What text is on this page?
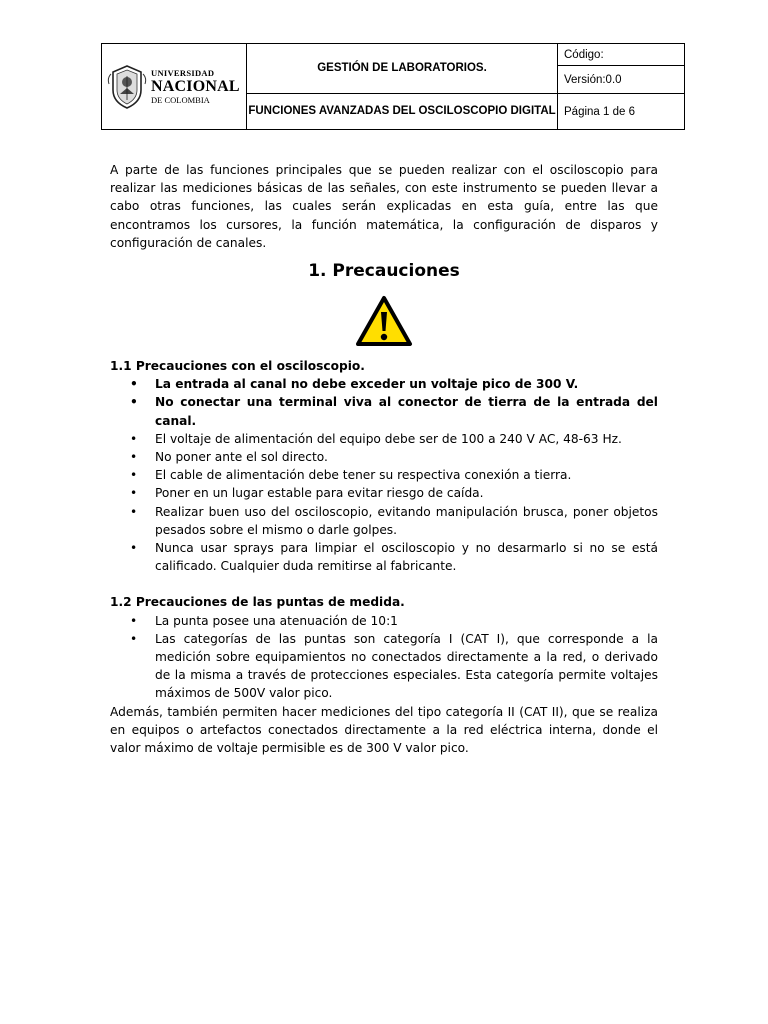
UNIVERSIDAD
NACIONAL
DE COLOMBIA	GESTIÓN DE LABORATORIOS.	Código:
		Versión:0.0
	FUNCIONES AVANZADAS DEL OSCILOSCOPIO DIGITAL	Página 1 de 6

A parte de las funciones principales que se pueden realizar con el osciloscopio para realizar las mediciones básicas de las señales, con este instrumento se pueden llevar a cabo otras funciones, las cuales serán explicadas en esta guía, entre las que encontramos los cursores, la función matemática, la configuración de disparos y configuración de canales.

1. Precauciones

1.1 Precauciones con el osciloscopio.

• La entrada al canal no debe exceder un voltaje pico de 300 V.
• No conectar una terminal viva al conector de tierra de la entrada del canal.
• El voltaje de alimentación del equipo debe ser de 100 a 240 V AC, 48-63 Hz.
• No poner ante el sol directo.
• El cable de alimentación debe tener su respectiva conexión a tierra.
• Poner en un lugar estable para evitar riesgo de caída.
• Realizar buen uso del osciloscopio, evitando manipulación brusca, poner objetos pesados sobre el mismo o darle golpes.
• Nunca usar sprays para limpiar el osciloscopio y no desarmarlo si no se está calificado. Cualquier duda remitirse al fabricante.

1.2 Precauciones de las puntas de medida.

• La punta posee una atenuación de 10:1
• Las categorías de las puntas son categoría I (CAT I), que corresponde a la medición sobre equipamientos no conectados directamente a la red, o derivado de la misma a través de protecciones especiales. Esta categoría permite voltajes máximos de 500V valor pico.

Además, también permiten hacer mediciones del tipo categoría II (CAT II), que se realiza en equipos o artefactos conectados directamente a la red eléctrica interna, donde el valor máximo de voltaje permisible es de 300 V valor pico.
